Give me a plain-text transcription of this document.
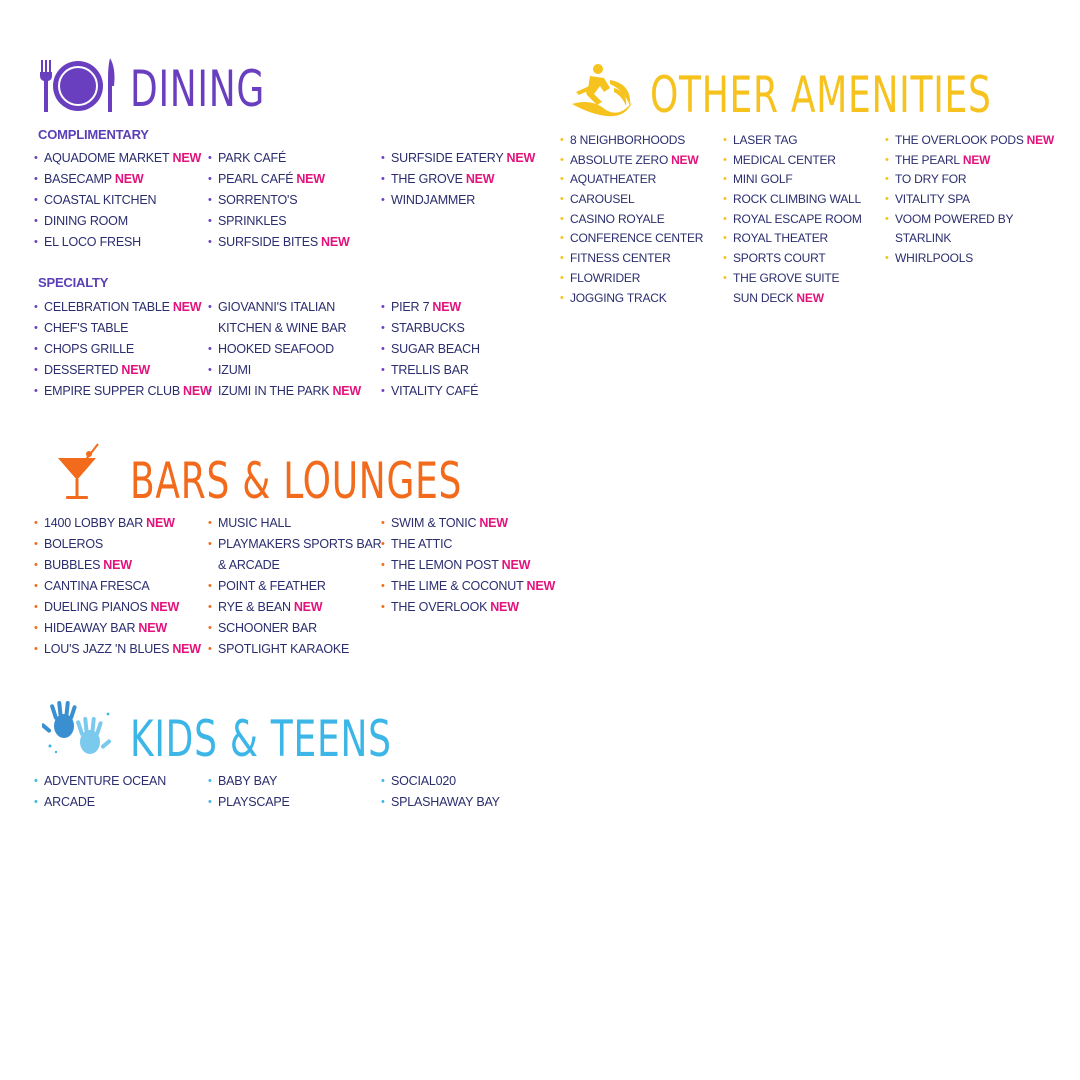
DINING
COMPLIMENTARY
• AQUADOME MARKET NEW
• BASECAMP NEW
• COASTAL KITCHEN
• DINING ROOM
• EL LOCO FRESH
• PARK CAFÉ
• PEARL CAFÉ NEW
• SORRENTO'S
• SPRINKLES
• SURFSIDE BITES NEW
• SURFSIDE EATERY NEW
• THE GROVE NEW
• WINDJAMMER
SPECIALTY
• CELEBRATION TABLE NEW
• CHEF'S TABLE
• CHOPS GRILLE
• DESSERTED NEW
• EMPIRE SUPPER CLUB NEW
• GIOVANNI'S ITALIAN
KITCHEN & WINE BAR
• HOOKED SEAFOOD
• IZUMI
• IZUMI IN THE PARK NEW
• PIER 7 NEW
• STARBUCKS
• SUGAR BEACH
• TRELLIS BAR
• VITALITY CAFÉ
OTHER AMENITIES
• 8 NEIGHBORHOODS
• ABSOLUTE ZERO NEW
• AQUATHEATER
• CAROUSEL
• CASINO ROYALE
• CONFERENCE CENTER
• FITNESS CENTER
• FLOWRIDER
• JOGGING TRACK
• LASER TAG
• MEDICAL CENTER
• MINI GOLF
• ROCK CLIMBING WALL
• ROYAL ESCAPE ROOM
• ROYAL THEATER
• SPORTS COURT
• THE GROVE SUITE
SUN DECK NEW
• THE OVERLOOK PODS NEW
• THE PEARL NEW
• TO DRY FOR
• VITALITY SPA
• VOOM POWERED BY
STARLINK
• WHIRLPOOLS
BARS & LOUNGES
• 1400 LOBBY BAR NEW
• BOLEROS
• BUBBLES NEW
• CANTINA FRESCA
• DUELING PIANOS NEW
• HIDEAWAY BAR NEW
• LOU'S JAZZ 'N BLUES NEW
• MUSIC HALL
• PLAYMAKERS SPORTS BAR
& ARCADE
• POINT & FEATHER
• RYE & BEAN NEW
• SCHOONER BAR
• SPOTLIGHT KARAOKE
• SWIM & TONIC NEW
• THE ATTIC
• THE LEMON POST NEW
• THE LIME & COCONUT NEW
• THE OVERLOOK NEW
KIDS & TEENS
• ADVENTURE OCEAN
• ARCADE
• BABY BAY
• PLAYSCAPE
• SOCIAL020
• SPLASHAWAY BAY
